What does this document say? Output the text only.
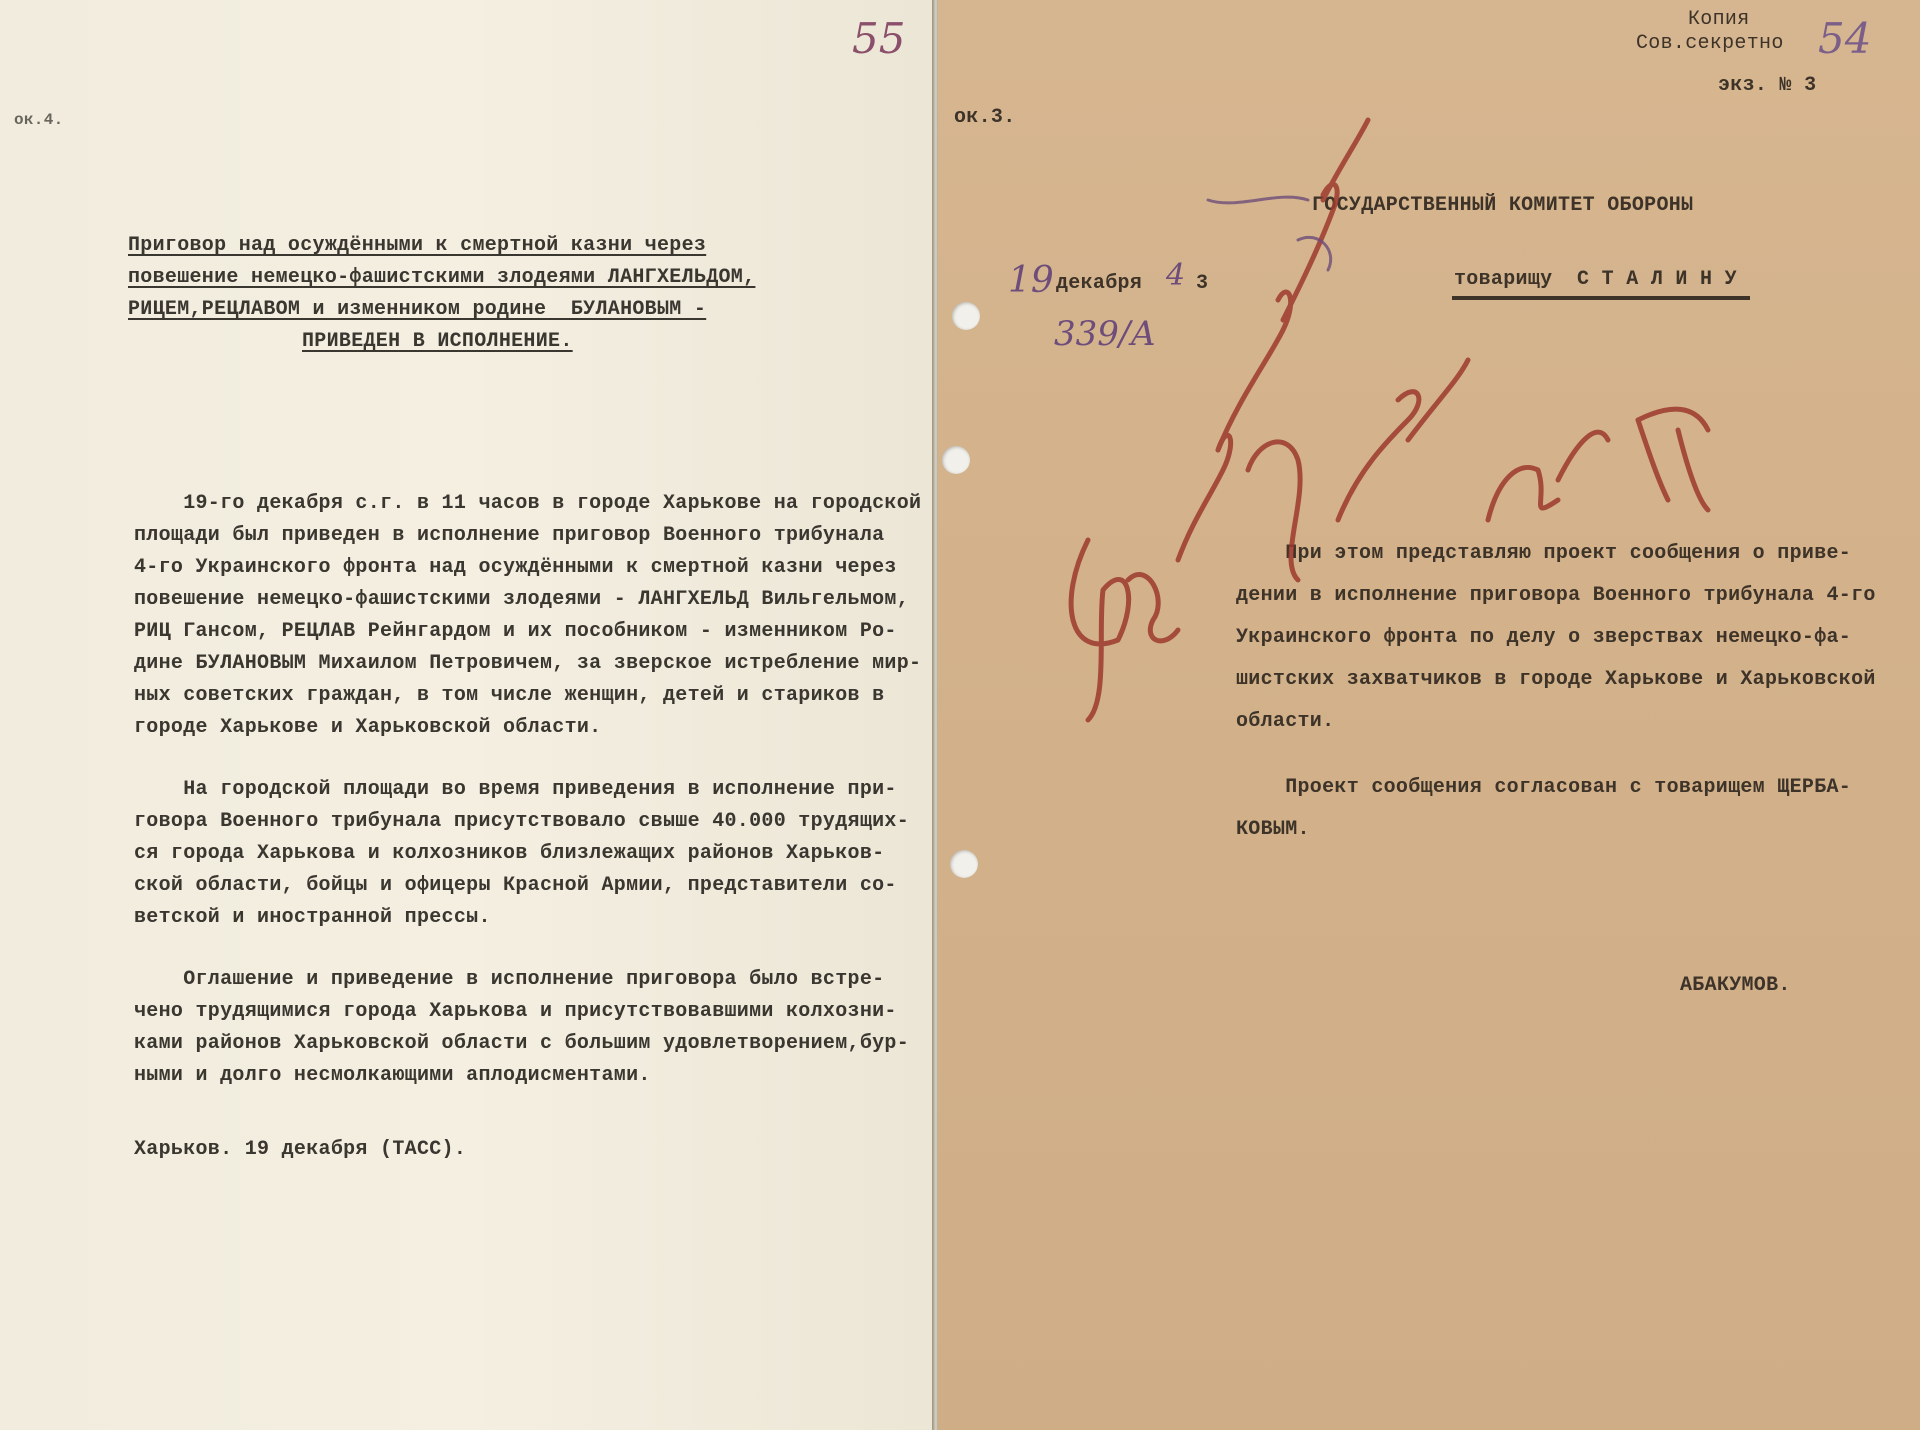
55
ок.4.
Приговор над осуждёнными к смертной казни через
повешение немецко-фашистскими злодеями ЛАНГХЕЛЬДОМ,
РИЦЕМ,РЕЦЛАВОМ и изменником родине  БУЛАНОВЫМ -
ПРИВЕДЕН В ИСПОЛНЕНИЕ.
19-го декабря с.г. в 11 часов в городе Харькове на городской
площади был приведен в исполнение приговор Военного трибунала
4-го Украинского фронта над осуждёнными к смертной казни через
повешение немецко-фашистскими злодеями - ЛАНГХЕЛЬД Вильгельмом,
РИЦ Гансом, РЕЦЛАВ Рейнгардом и их пособником - изменником Ро-
дине БУЛАНОВЫМ Михаилом Петровичем, за зверское истребление мир-
ных советских граждан, в том числе женщин, детей и стариков в
городе Харькове и Харьковской области.
На городской площади во время приведения в исполнение при-
говора Военного трибунала присутствовало свыше 40.000 трудящих-
ся города Харькова и колхозников близлежащих районов Харьков-
ской области, бойцы и офицеры Красной Армии, представители со-
ветской и иностранной прессы.
Оглашение и приведение в исполнение приговора было встре-
чено трудящимися города Харькова и присутствовавшими колхозни-
ками районов Харьковской области с большим удовлетворением,бур-
ными и долго несмолкающими аплодисментами.
Харьков. 19 декабря (ТАСС).
Копия
Сов.секретно
экз. № 3
54
ок.3.
ГОСУДАРСТВЕННЫЙ КОМИТЕТ ОБОРОНЫ
товарищу  С Т А Л И Н У
19 декабря 4 3
339/А
При этом представляю проект сообщения о приве-
дении в исполнение приговора Военного трибунала 4-го
Украинского фронта по делу о зверствах немецко-фа-
шистских захватчиков в городе Харькове и Харьковской
области.
Проект сообщения согласован с товарищем ЩЕРБА-
КОВЫМ.
АБАКУМОВ.
